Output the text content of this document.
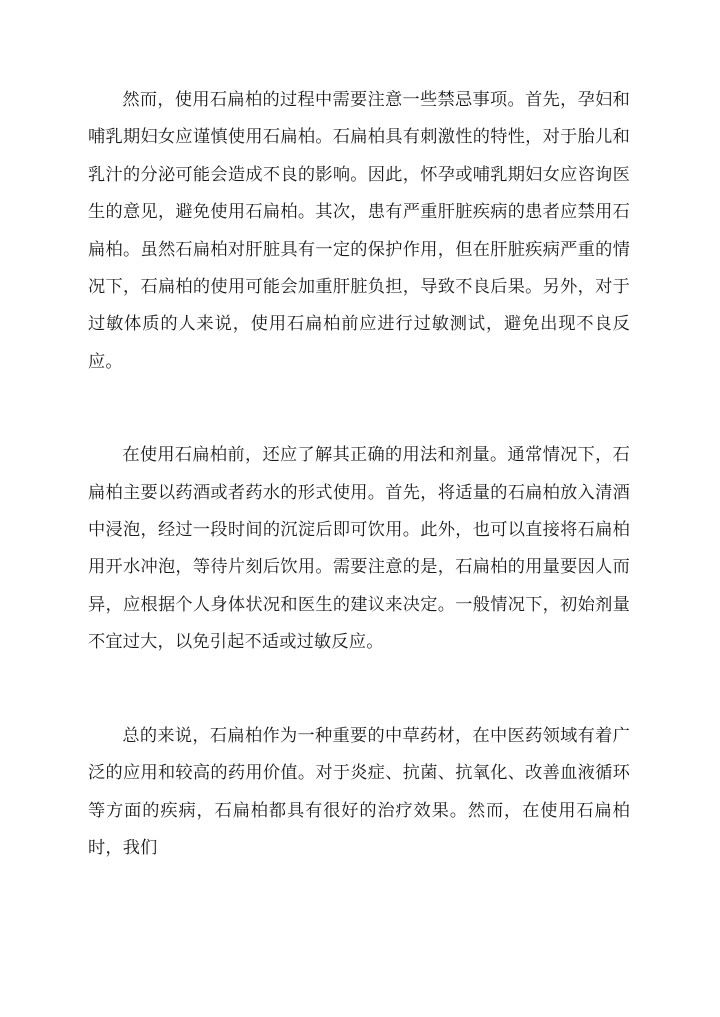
然而，使用石扁柏的过程中需要注意一些禁忌事项。首先，孕妇和哺乳期妇女应谨慎使用石扁柏。石扁柏具有刺激性的特性，对于胎儿和乳汁的分泌可能会造成不良的影响。因此，怀孕或哺乳期妇女应咨询医生的意见，避免使用石扁柏。其次，患有严重肝脏疾病的患者应禁用石扁柏。虽然石扁柏对肝脏具有一定的保护作用，但在肝脏疾病严重的情况下，石扁柏的使用可能会加重肝脏负担，导致不良后果。另外，对于过敏体质的人来说，使用石扁柏前应进行过敏测试，避免出现不良反应。

在使用石扁柏前，还应了解其正确的用法和剂量。通常情况下，石扁柏主要以药酒或者药水的形式使用。首先，将适量的石扁柏放入清酒中浸泡，经过一段时间的沉淀后即可饮用。此外，也可以直接将石扁柏用开水冲泡，等待片刻后饮用。需要注意的是，石扁柏的用量要因人而异，应根据个人身体状况和医生的建议来决定。一般情况下，初始剂量不宜过大，以免引起不适或过敏反应。

总的来说，石扁柏作为一种重要的中草药材，在中医药领域有着广泛的应用和较高的药用价值。对于炎症、抗菌、抗氧化、改善血液循环等方面的疾病，石扁柏都具有很好的治疗效果。然而，在使用石扁柏时，我们
